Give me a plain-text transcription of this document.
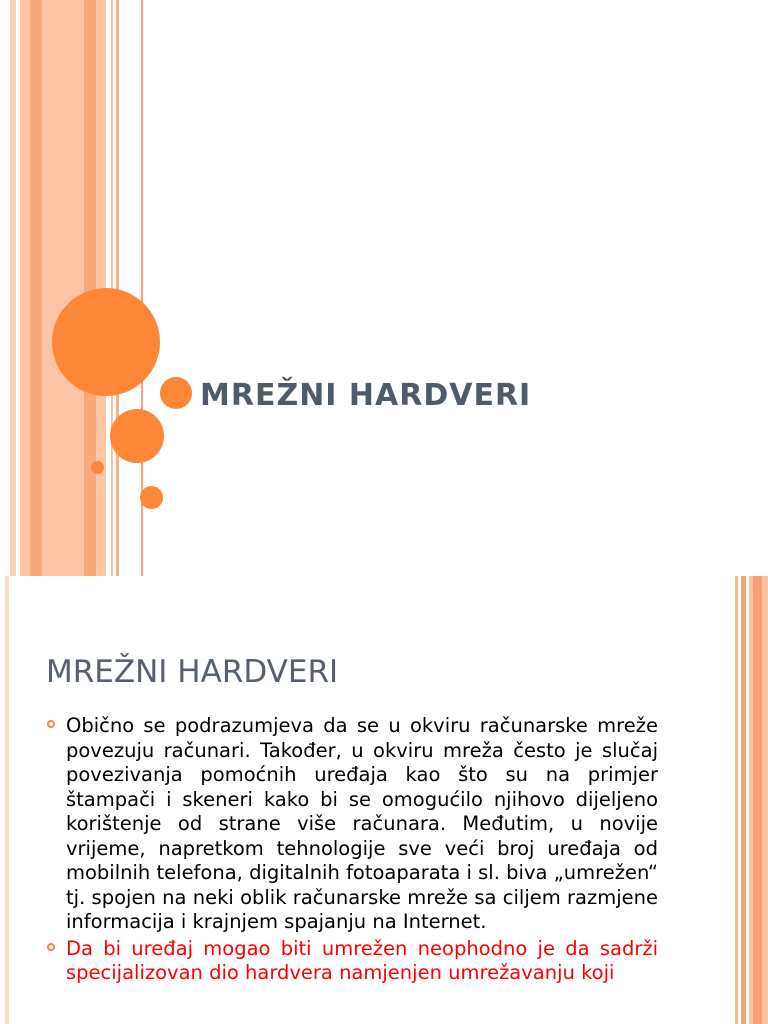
MREŽNI HARDVERI
MREŽNI HARDVERI
Obično se podrazumjeva da se u okviru računarske mreže povezuju računari. Također, u okviru mreža često je slučaj povezivanja pomoćnih uređaja kao što su na primjer štampači i skeneri kako bi se omogućilo njihovo dijeljeno korištenje od strane više računara. Međutim, u novije vrijeme, napretkom tehnologije sve veći broj uređaja od mobilnih telefona, digitalnih fotoaparata i sl. biva „umrežen“ tj. spojen na neki oblik računarske mreže sa ciljem razmjene informacija i krajnjem spajanju na Internet.
Da bi uređaj mogao biti umrežen neophodno je da sadrži specijalizovan dio hardvera namjenjen umrežavanju koji
